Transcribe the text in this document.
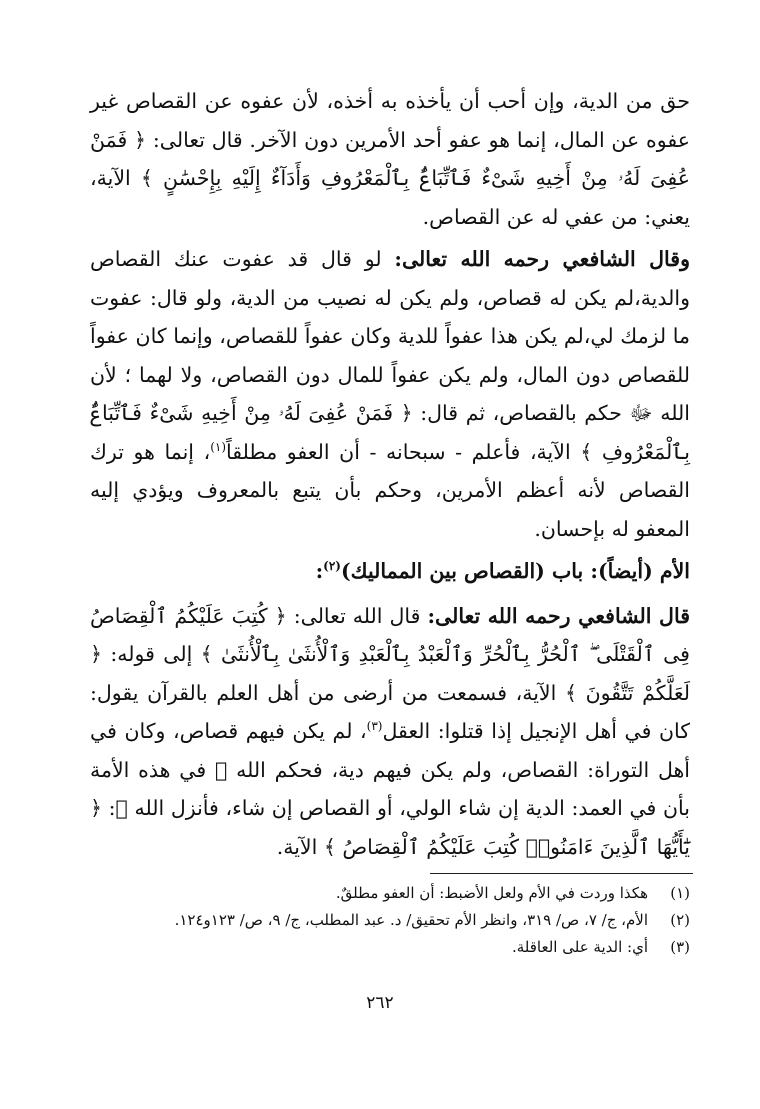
حق من الدية، وإن أحب أن يأخذه به أخذه، لأن عفوه عن القصاص غير عفوه عن المال، إنما هو عفو أحد الأمرين دون الآخر. قال تعالى: ﴿ فَمَنْ عُفِىَ لَهُۥ مِنْ أَخِيهِ شَىْءٌ فَٱتِّبَاعٌۢ بِٱلْمَعْرُوفِ وَأَدَآءٌ إِلَيْهِ بِإِحْسَٰنٍ ﴾ الآية، يعني: من عفي له عن القصاص.

وقال الشافعي رحمه الله تعالى: لو قال قد عفوت عنك القصاص والدية،لم يكن له قصاص، ولم يكن له نصيب من الدية، ولو قال: عفوت ما لزمك لي،لم يكن هذا عفواً للدية وكان عفواً للقصاص، وإنما كان عفواً للقصاص دون المال، ولم يكن عفواً للمال دون القصاص، ولا لهما ؛ لأن الله ﷻ حكم بالقصاص، ثم قال: ﴿ فَمَنْ عُفِىَ لَهُۥ مِنْ أَخِيهِ شَىْءٌ فَٱتِّبَاعٌۢ بِٱلْمَعْرُوفِ ﴾ الآية، فأعلم - سبحانه - أن العفو مطلقاً$^{(١)}$، إنما هو ترك القصاص لأنه أعظم الأمرين، وحكم بأن يتبع بالمعروف ويؤدي إليه المعفو له بإحسان.

الأم (أيضاً): باب (القصاص بين المماليك)$^{(٢)}$:

قال الشافعي رحمه الله تعالى: قال الله تعالى: ﴿ كُتِبَ عَلَيْكُمُ ٱلْقِصَاصُ فِى ٱلْقَتْلَى ۖ ٱلْحُرُّ بِٱلْحُرِّ وَٱلْعَبْدُ بِٱلْعَبْدِ وَٱلْأُنثَىٰ بِٱلْأُنثَىٰ ﴾ إلى قوله: ﴿ لَعَلَّكُمْ تَتَّقُونَ ﴾ الآية، فسمعت من أرضى من أهل العلم بالقرآن يقول: كان في أهل الإنجيل إذا قتلوا: العقل$^{(٣)}$، لم يكن فيهم قصاص، وكان في أهل التوراة: القصاص، ولم يكن فيهم دية، فحكم الله ﷻ في هذه الأمة بأن في العمد: الدية إن شاء الولي، أو القصاص إن شاء، فأنزل الله ﷻ: ﴿ يَٰٓأَيُّهَا ٱلَّذِينَ ءَامَنُوا۟ كُتِبَ عَلَيْكُمُ ٱلْقِصَاصُ ﴾ الآية.

(١)
هكذا وردت في الأم ولعل الأضبط: أن العفو مطلقٌ.
(٢)
الأم، ج/ ٧، ص/ ٣١٩، وانظر الأم تحقيق/ د. عبد المطلب، ج/ ٩، ص/ ١٢٣و١٢٤.
(٣)
أي: الدية على العاقلة.
٢٦٢
